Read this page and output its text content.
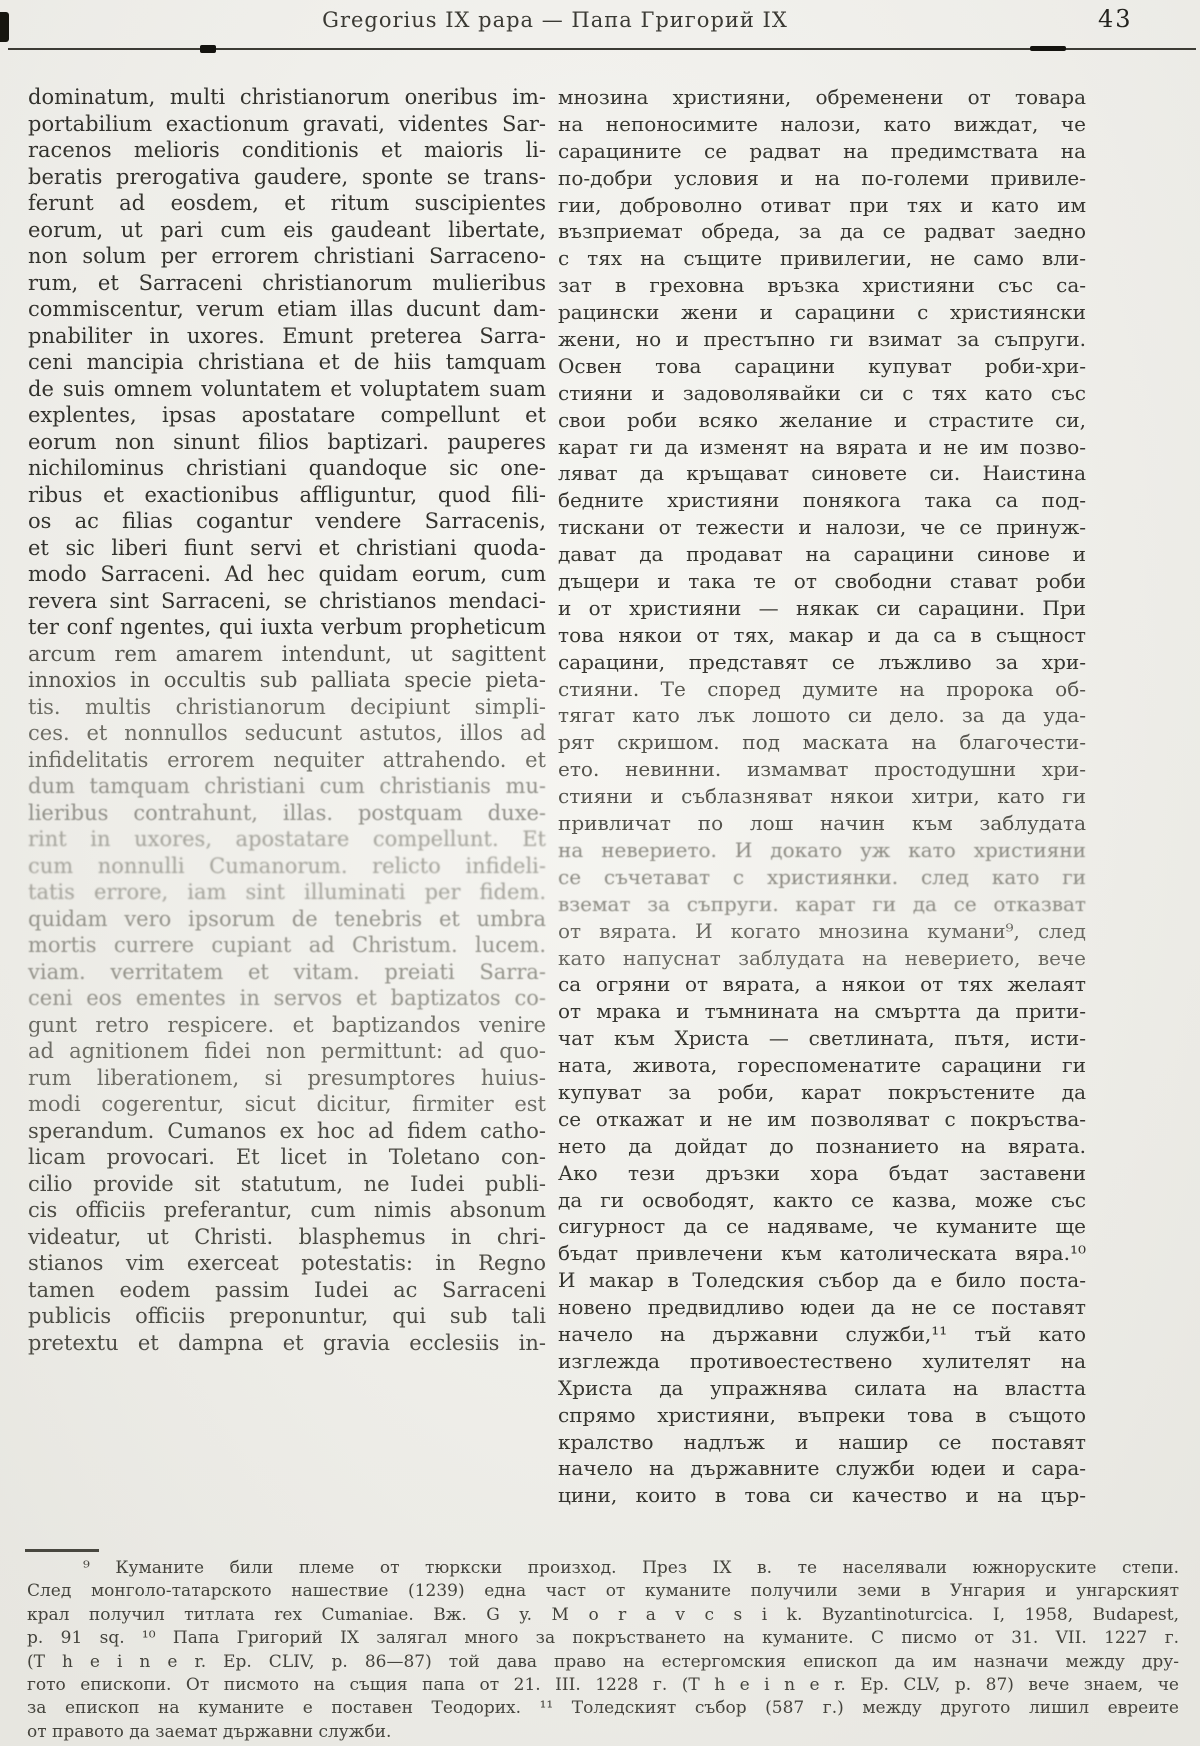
Gregorius IX papa — Папа Григорий IX	43
dominatum, multi christianorum oneribus im-
portabilium exactionum gravati, videntes Sar-
racenos melioris conditionis et maioris li-
beratis prerogativa gaudere, sponte se trans-
ferunt ad eosdem, et ritum suscipientes
eorum, ut pari cum eis gaudeant libertate,
non solum per errorem christiani Sarraceno-
rum, et Sarraceni christianorum mulieribus
commiscentur, verum etiam illas ducunt dam-
pnabiliter in uxores. Emunt preterea Sarra-
ceni mancipia christiana et de hiis tamquam
de suis omnem voluntatem et voluptatem suam
explentes, ipsas apostatare compellunt et
eorum non sinunt filios baptizari. pauperes
nichilominus christiani quandoque sic one-
ribus et exactionibus affliguntur, quod fili-
os ac filias cogantur vendere Sarracenis,
et sic liberi fiunt servi et christiani quoda-
modo Sarraceni. Ad hec quidam eorum, cum
revera sint Sarraceni, se christianos mendaci-
ter conf ngentes, qui iuxta verbum propheticum
arcum rem amarem intendunt, ut sagittent
innoxios in occultis sub palliata specie pieta-
tis. multis christianorum decipiunt simpli-
ces. et nonnullos seducunt astutos, illos ad
infidelitatis errorem nequiter attrahendo. et
dum tamquam christiani cum christianis mu-
lieribus contrahunt, illas. postquam duxe-
rint in uxores, apostatare compellunt. Et
cum nonnulli Cumanorum. relicto infideli-
tatis errore, iam sint illuminati per fidem.
quidam vero ipsorum de tenebris et umbra
mortis currere cupiant ad Christum. lucem.
viam. verritatem et vitam. preiati Sarra-
ceni eos ementes in servos et baptizatos co-
gunt retro respicere. et baptizandos venire
ad agnitionem fidei non permittunt: ad quo-
rum liberationem, si presumptores huius-
modi cogerentur, sicut dicitur, firmiter est
sperandum. Cumanos ex hoc ad fidem catho-
licam provocari. Et licet in Toletano con-
cilio provide sit statutum, ne Iudei publi-
cis officiis preferantur, cum nimis absonum
videatur, ut Christi. blasphemus in chri-
stianos vim exerceat potestatis: in Regno
tamen eodem passim Iudei ac Sarraceni
publicis officiis preponuntur, qui sub tali
pretextu et dampna et gravia ecclesiis in-
мнозина християни, обременени от товара
на непоносимите налози, като виждат, че
сарацините се радват на предимствата на
по-добри условия и на по-големи привиле-
гии, доброволно отиват при тях и като им
възприемат обреда, за да се радват заедно
с тях на същите привилегии, не само вли-
зат в греховна връзка християни със са-
рацински жени и сарацини с християнски
жени, но и престъпно ги взимат за съпруги.
Освен това сарацини купуват роби-хри-
стияни и задоволявайки си с тях като със
свои роби всяко желание и страстите си,
карат ги да изменят на вярата и не им позво-
ляват да кръщават синовете си. Наистина
бедните християни понякога така са под-
тискани от тежести и налози, че се принуж-
дават да продават на сарацини синове и
дъщери и така те от свободни стават роби
и от християни — някак си сарацини. При
това някои от тях, макар и да са в същност
сарацини, представят се лъжливо за хри-
стияни. Те според думите на пророка об-
тягат като лък лошото си дело. за да уда-
рят скришом. под маската на благочести-
ето. невинни. измамват простодушни хри-
стияни и съблазняват някои хитри, като ги
привличат по лош начин към заблудата
на неверието. И докато уж като християни
се съчетават с християнки. след като ги
вземат за съпруги. карат ги да се отказват
от вярата. И когато мнозина кумани⁹, след
като напуснат заблудата на неверието, вече
са огряни от вярата, а някои от тях желаят
от мрака и тъмнината на смъртта да прити-
чат към Христа — светлината, пътя, исти-
ната, живота, гореспоменатите сарацини ги
купуват за роби, карат покръстените да
се откажат и не им позволяват с покръства-
нето да дойдат до познанието на вярата.
Ако тези дръзки хора бъдат заставени
да ги освободят, както се казва, може със
сигурност да се надяваме, че куманите ще
бъдат привлечени към католическата вяра.¹⁰
И макар в Толедския събор да е било поста-
новено предвидливо юдеи да не се поставят
начело на държавни служби,¹¹ тъй като
изглежда противоестествено хулителят на
Христа да упражнява силата на властта
спрямо християни, въпреки това в същото
кралство надлъж и нашир се поставят
начело на държавните служби юдеи и сара-
цини, които в това си качество и на цър-
⁹ Куманите били племе от тюркски произход. През IX в. те населявали южноруските степи.
След монголо-татарското нашествие (1239) една част от куманите получили земи в Унгария и унгарският
крал получил титлата rex Cumaniae. Вж. G y. M o r a v c s i k. Byzantinoturcica. I, 1958, Budapest,
p. 91 sq. ¹⁰ Папа Григорий IX залягал много за покръстването на куманите. С писмо от 31. VII. 1227 г.
(T h e i n e r. Ep. CLIV, p. 86—87) той дава право на естергомския епископ да им назначи между дру-
гото епископи. От писмото на същия папа от 21. III. 1228 г. (T h e i n e r. Ep. CLV, p. 87) вече знаем, че
за епископ на куманите е поставен Теодорих. ¹¹ Толедският събор (587 г.) между другото лишил евреите
от правото да заемат държавни служби.
